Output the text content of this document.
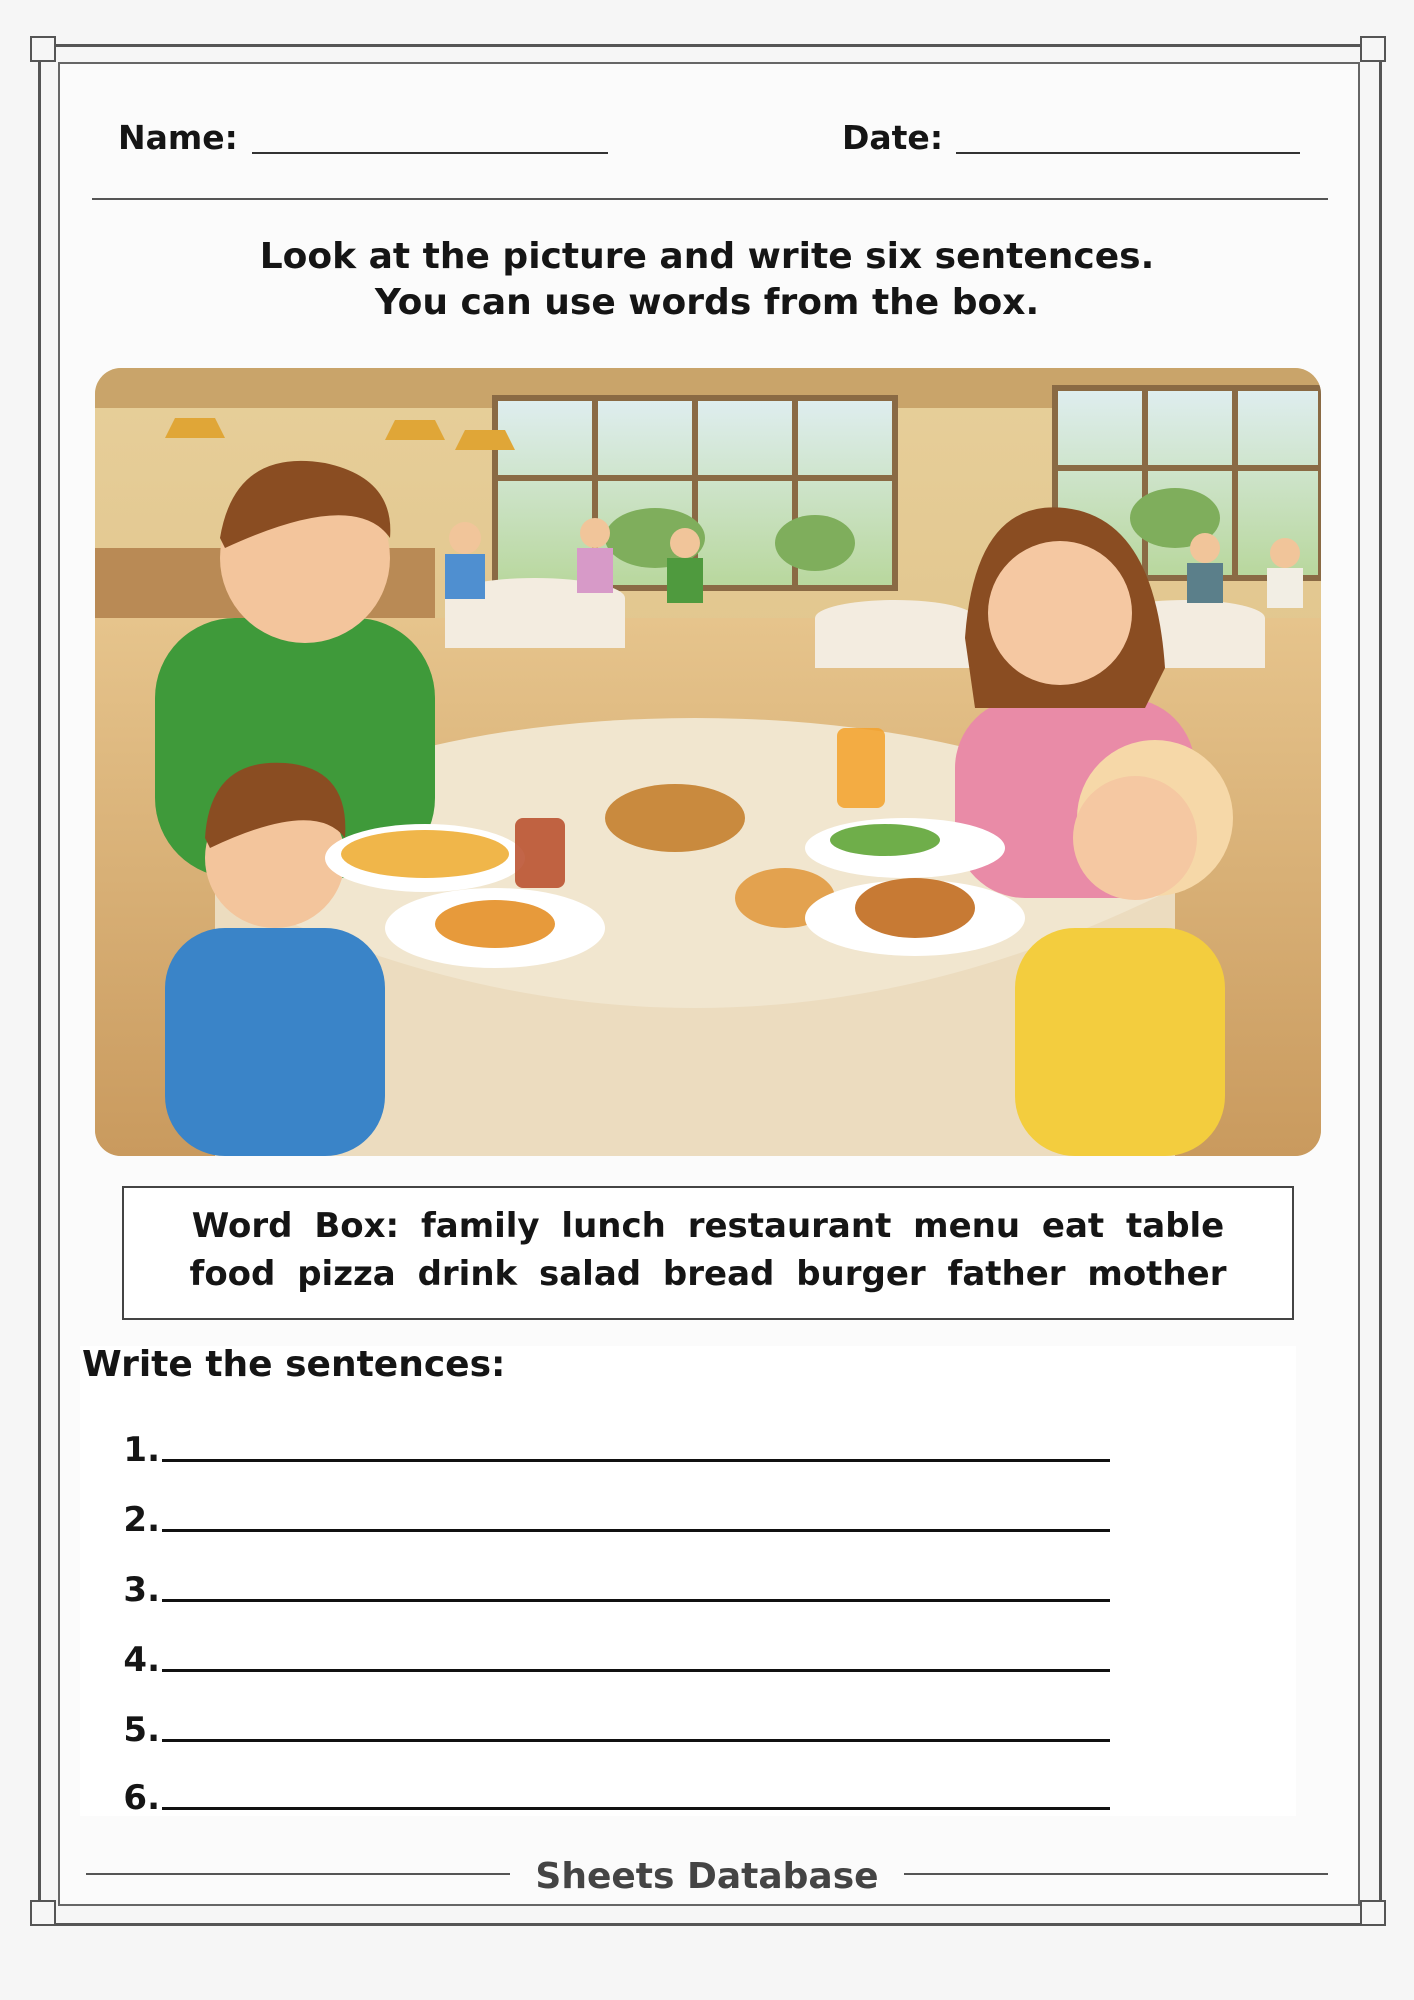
Name:	Date:
Look at the picture and write six sentences.
You can use words from the box.
Word Box: family lunch restaurant menu eat table
food pizza drink salad bread burger father mother
1.
2.
3.
4.
5.
6.
Write the sentences:
Sheets Database
